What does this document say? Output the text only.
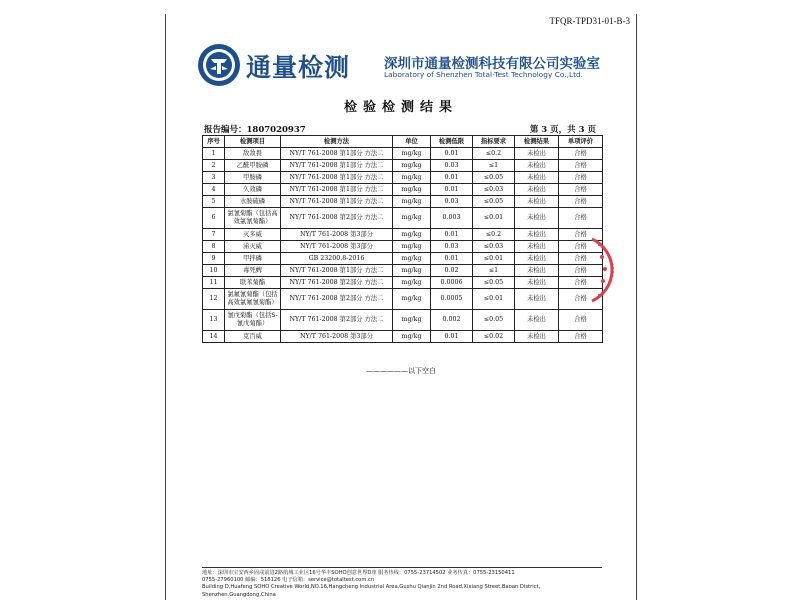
TFQR-TPD31-01-B-3
通量检测	深圳市通量检测科技有限公司实验室
Laboratory of Shenzhen Total-Test Technology Co.,Ltd.
检验检测结果
报告编号：1807020937	第 3 页，共 3 页
序号	检测项目	检测方法	单位	检测低限	指标要求	检测结果	单项评价
1	敌敌畏	NY/T 761-2008 第1部分 方法二	mg/kg	0.01	≤0.2	未检出	合格
2	乙酰甲胺磷	NY/T 761-2008 第1部分 方法二	mg/kg	0.03	≤1	未检出	合格
3	甲胺磷	NY/T 761-2008 第1部分 方法二	mg/kg	0.01	≤0.05	未检出	合格
4	久效磷	NY/T 761-2008 第1部分 方法二	mg/kg	0.01	≤0.03	未检出	合格
5	水胺硫磷	NY/T 761-2008 第1部分 方法二	mg/kg	0.03	≤0.05	未检出	合格
6	氯氰菊酯（包括高效氯氰菊酯）	NY/T 761-2008 第2部分 方法二	mg/kg	0.003	≤0.01	未检出	合格
7	灭多威	NY/T 761-2008 第3部分	mg/kg	0.01	≤0.2	未检出	合格
8	涕灭威	NY/T 761-2008 第3部分	mg/kg	0.03	≤0.03	未检出	合格
9	甲拌磷	GB 23200.8-2016	mg/kg	0.01	≤0.01	未检出	合格
10	毒死蜱	NY/T 761-2008 第1部分 方法二	mg/kg	0.02	≤1	未检出	合格
11	联苯菊酯	NY/T 761-2008 第2部分 方法二	mg/kg	0.0006	≤0.05	未检出	合格
12	氯氟氰菊酯（包括高效氯氟氰菊酯）	NY/T 761-2008 第2部分 方法二	mg/kg	0.0005	≤0.01	未检出	合格
13	氰戊菊酯（包括S-氰戊菊酯）	NY/T 761-2008 第2部分 方法二	mg/kg	0.002	≤0.05	未检出	合格
14	克百威	NY/T 761-2008 第3部分	mg/kg	0.01	≤0.02	未检出	合格
——————以下空白
地址：深圳市宝安西乡固戍前进2路航城工业区16号华丰SOHO创意世界D座 服务热线：0755-23714502 业务传真：0755-23150411
0755-27960100 邮编：518126 电子信箱：service@totaltest.com.cn
Building D,Huafeng SOHO Creative World,NO.16,Hangcheng Industrial Area,Gushu Qianjin 2nd Road,Xixiang Street,Baoan District,
Shenzhen,Guangdong,China
